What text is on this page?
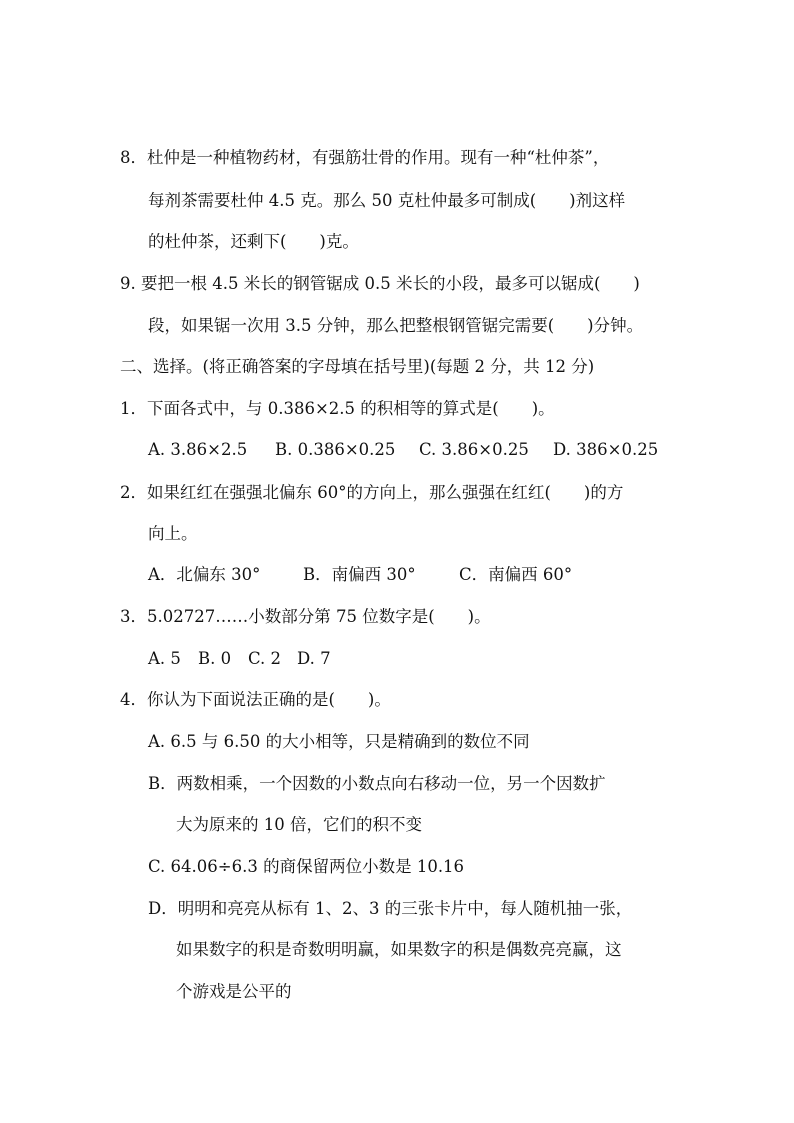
8．杜仲是一种植物药材，有强筋壮骨的作用。现有一种“杜仲茶”，
每剂茶需要杜仲 4.5 克。那么 50 克杜仲最多可制成(　　)剂这样
的杜仲茶，还剩下(　　)克。
9. 要把一根 4.5 米长的钢管锯成 0.5 米长的小段，最多可以锯成(　　)
段，如果锯一次用 3.5 分钟，那么把整根钢管锯完需要(　　)分钟。
二、选择。(将正确答案的字母填在括号里)(每题 2 分，共 12 分)
1．下面各式中，与 0.386×2.5 的积相等的算式是(　　)。
A. 3.86×2.5 B. 0.386×0.25 C. 3.86×0.25 D. 386×0.25
2．如果红红在强强北偏东 60°的方向上，那么强强在红红(　　)的方
向上。
A．北偏东 30°	B．南偏西 30°	C．南偏西 60°
3．5.02727……小数部分第 75 位数字是(　　)。
A. 5 B. 0 C. 2 D. 7
4．你认为下面说法正确的是(　　)。
A. 6.5 与 6.50 的大小相等，只是精确到的数位不同
B．两数相乘，一个因数的小数点向右移动一位，另一个因数扩
大为原来的 10 倍，它们的积不变
C. 64.06÷6.3 的商保留两位小数是 10.16
D．明明和亮亮从标有 1、2、3 的三张卡片中，每人随机抽一张，
如果数字的积是奇数明明赢，如果数字的积是偶数亮亮赢，这
个游戏是公平的
